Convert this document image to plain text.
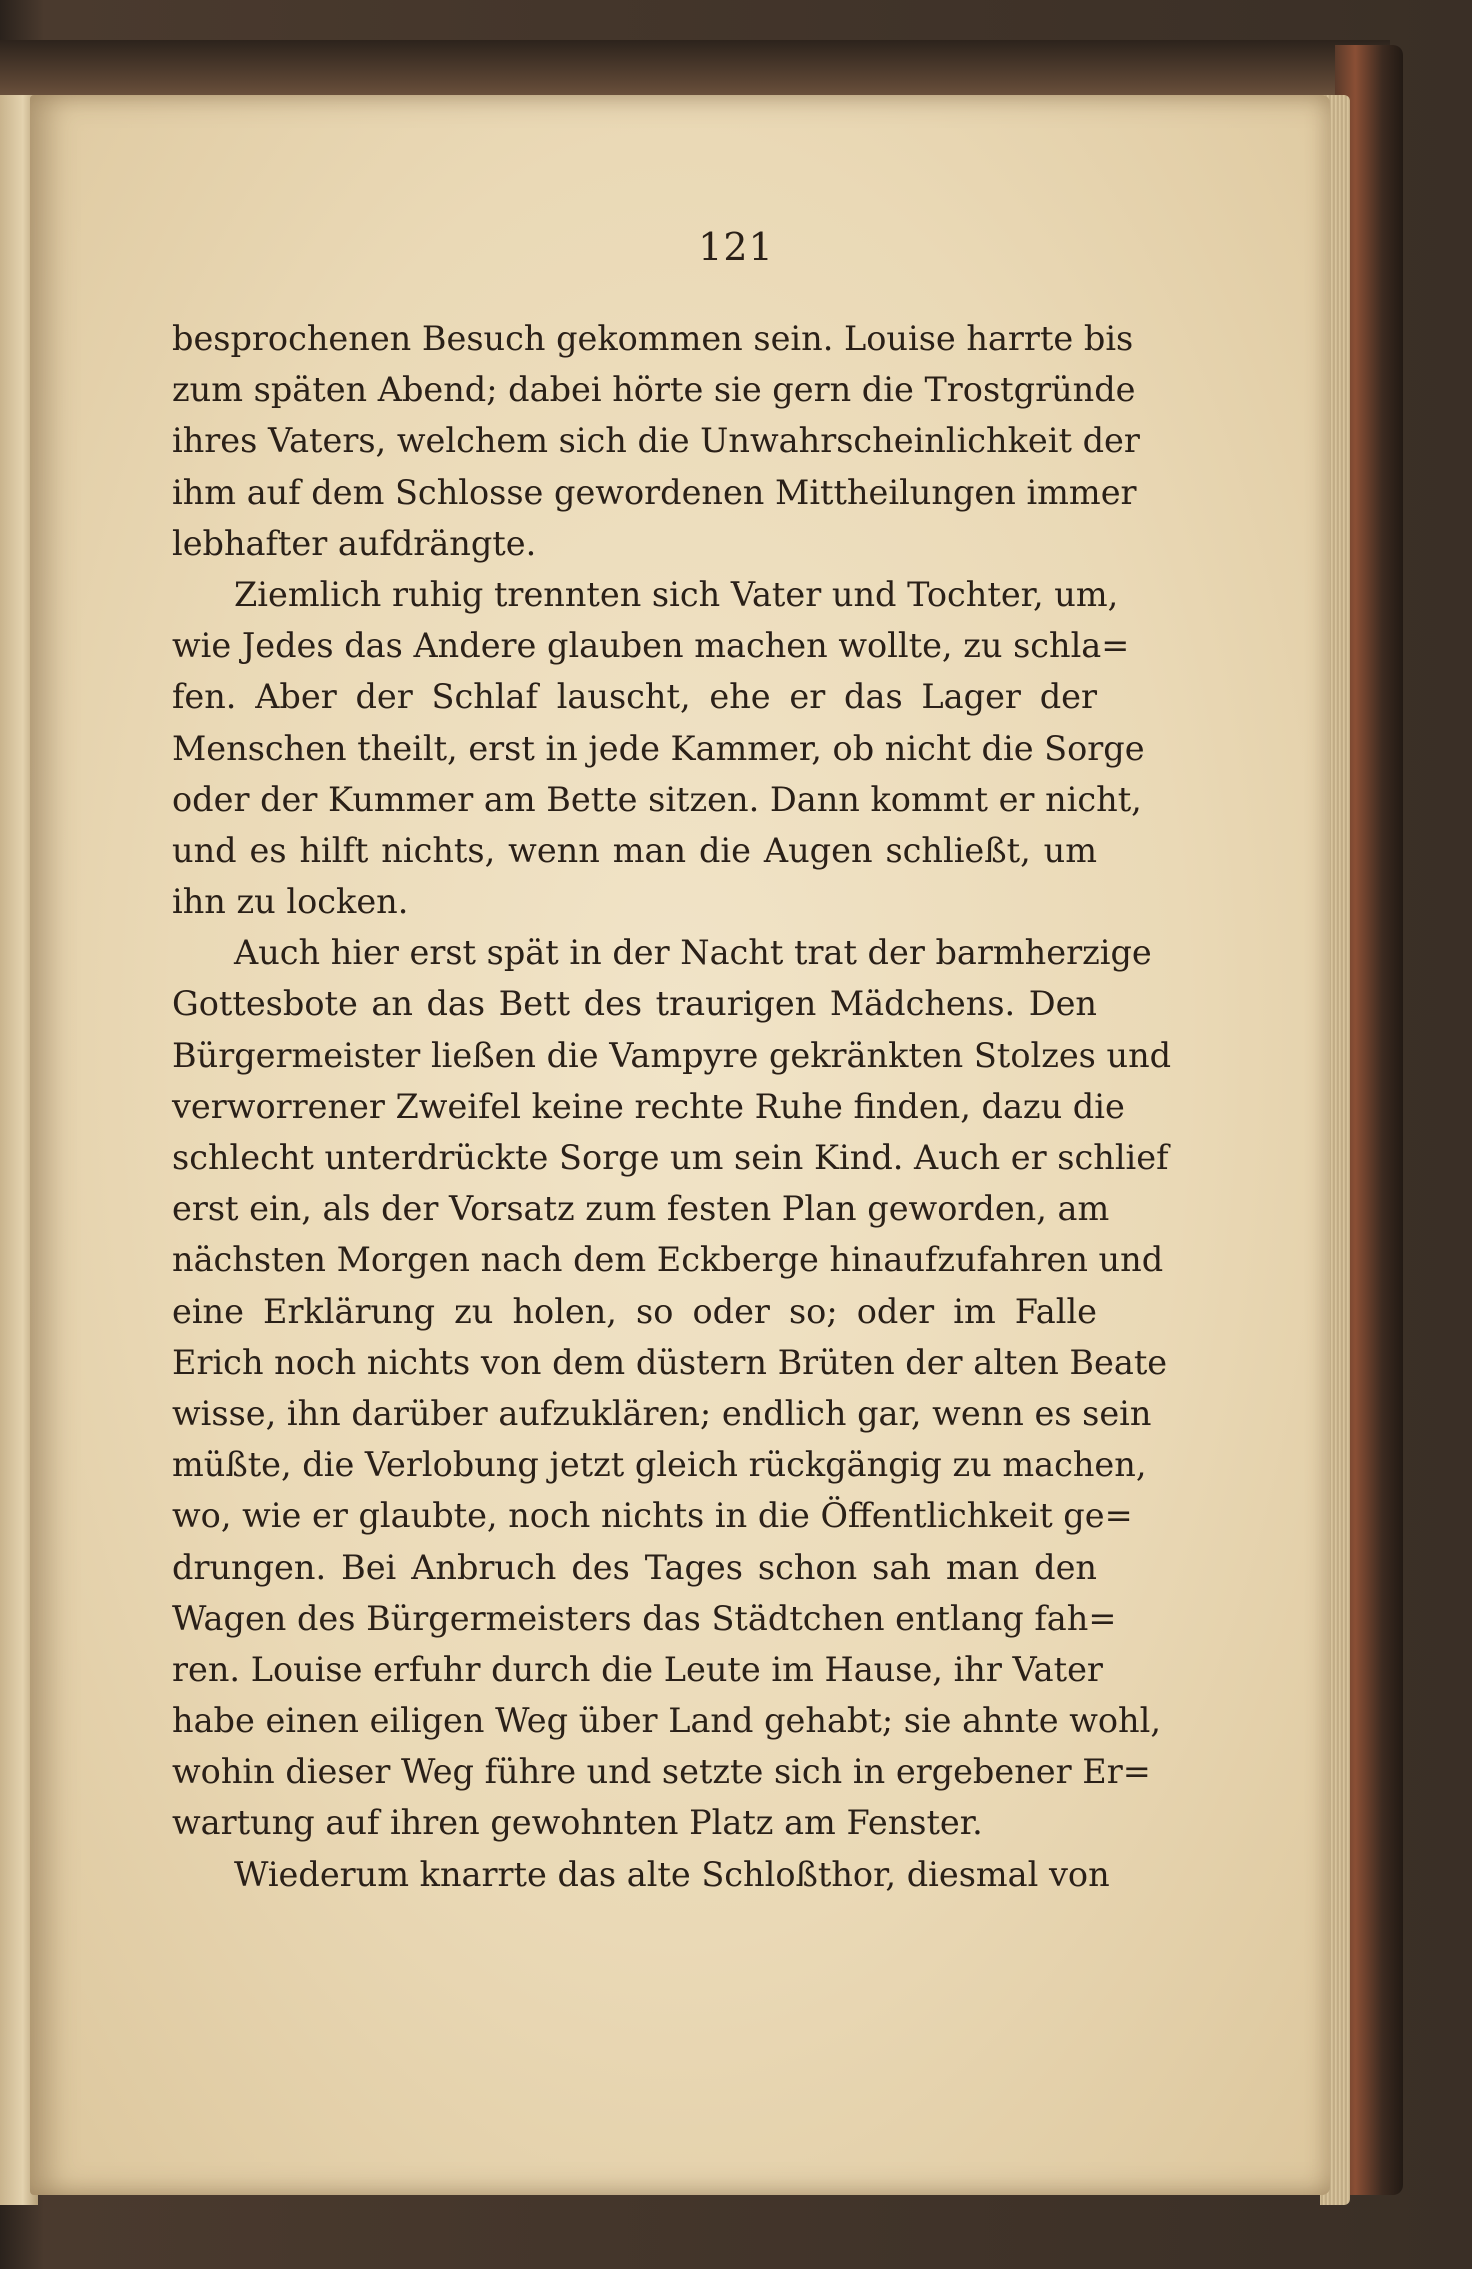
121
besprochenen Besuch gekommen sein. Louise harrte bis
zum späten Abend; dabei hörte sie gern die Trostgründe
ihres Vaters, welchem sich die Unwahrscheinlichkeit der
ihm auf dem Schlosse gewordenen Mittheilungen immer
lebhafter aufdrängte.
Ziemlich ruhig trennten sich Vater und Tochter, um,
wie Jedes das Andere glauben machen wollte, zu schla=
fen. Aber der Schlaf lauscht, ehe er das Lager der
Menschen theilt, erst in jede Kammer, ob nicht die Sorge
oder der Kummer am Bette sitzen. Dann kommt er nicht,
und es hilft nichts, wenn man die Augen schließt, um
ihn zu locken.
Auch hier erst spät in der Nacht trat der barmherzige
Gottesbote an das Bett des traurigen Mädchens. Den
Bürgermeister ließen die Vampyre gekränkten Stolzes und
verworrener Zweifel keine rechte Ruhe finden, dazu die
schlecht unterdrückte Sorge um sein Kind. Auch er schlief
erst ein, als der Vorsatz zum festen Plan geworden, am
nächsten Morgen nach dem Eckberge hinaufzufahren und
eine Erklärung zu holen, so oder so; oder im Falle
Erich noch nichts von dem düstern Brüten der alten Beate
wisse, ihn darüber aufzuklären; endlich gar, wenn es sein
müßte, die Verlobung jetzt gleich rückgängig zu machen,
wo, wie er glaubte, noch nichts in die Öffentlichkeit ge=
drungen. Bei Anbruch des Tages schon sah man den
Wagen des Bürgermeisters das Städtchen entlang fah=
ren. Louise erfuhr durch die Leute im Hause, ihr Vater
habe einen eiligen Weg über Land gehabt; sie ahnte wohl,
wohin dieser Weg führe und setzte sich in ergebener Er=
wartung auf ihren gewohnten Platz am Fenster.
Wiederum knarrte das alte Schloßthor, diesmal von
